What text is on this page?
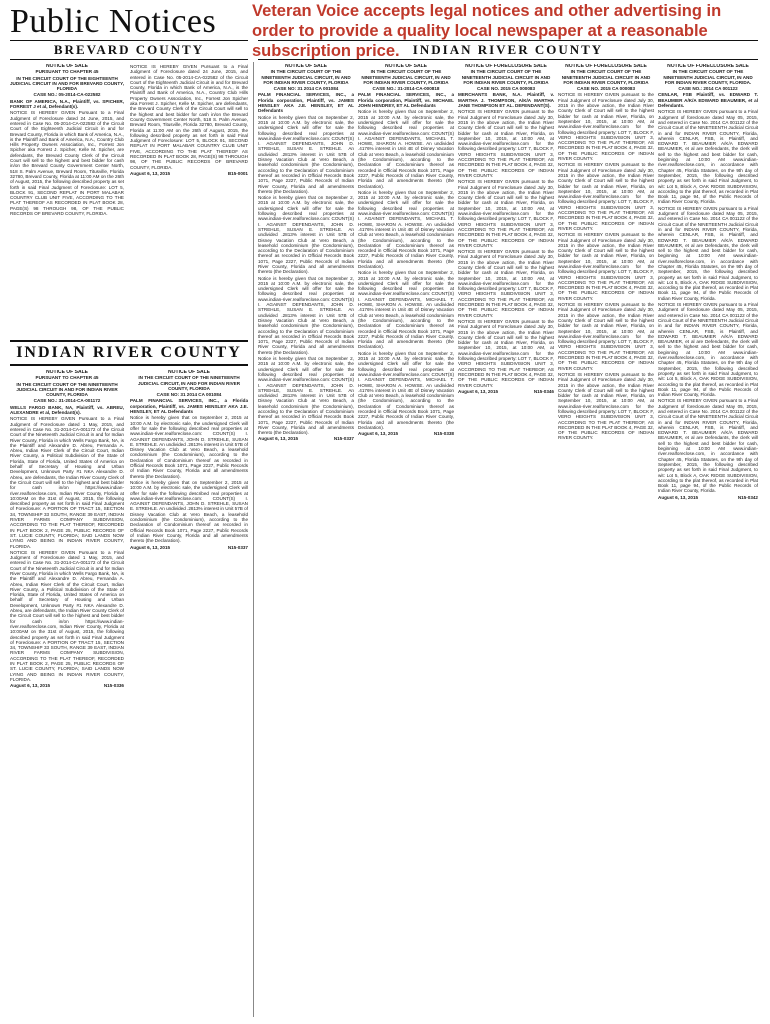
Public Notices Veteran Voice accepts legal notices and other advertising in order to provide a quality local newspaper at a reasonable subscription price.
BREVARD COUNTY	INDIAN RIVER COUNTY
INDIAN RIVER COUNTY
NOTICE OF SALE

PURSUANT TO CHAPTER 45

IN THE CIRCUIT COURT OF THE EIGHTEENTH JUDICIAL CIRCUIT IN AND FOR BREVARD COUNTY, FLORIDA

CASE NO.: 05-2014-CA-022582

BANK OF AMERICA, N.A., Plaintiff, vs. SPICHER, FORREST J et al, Defendant(s).

NOTICE IS HEREBY GIVEN Pursuant to a Final Judgment of Foreclosure dated 24 June, 2015, and entered in Case No. 05-2014-CA-022582 of the Circuit Court of the Eighteenth Judicial Circuit in and for Brevard County, Florida in which Bank of America, N.A., is the Plaintiff and Bank of America, N.A., Country Club Hills Property Owners Association, Inc., Forrest Jon Spicher aka Forrest J. Spicher, Kelle M. Spicher, are defendants, the Brevard County Clerk of the Circuit Court will sell to the highest and best bidder for cash in/on the Brevard County Government Center North, 518 S. Palm Avenue, Brevard Room, Titusville, Florida 32780, Brevard County, Florida at 11:00 AM on the 26th of August, 2015, the following described property as set forth in said Final Judgment of Foreclosure: LOT 5, BLOCK 91, SECOND REPLAT IN PORT MALABAR COUNTRY CLUB UNIT FIVE, ACCORDING TO THE PLAT THEREOF AS RECORDED IN PLAT BOOK 28, PAGE(S) 98 THROUGH 98, OF THE PUBLIC RECORDS OF BREVARD COUNTY, FLORIDA.

NOTICE IS HEREBY GIVEN Pursuant to a Final Judgment of Foreclosure dated 24 June, 2015, and entered in Case No. 05-2014-CA-022582 of the Circuit Court of the Eighteenth Judicial Circuit in and for Brevard County, Florida in which Bank of America, N.A., is the Plaintiff and Bank of America, N.A., Country Club Hills Property Owners Association, Inc., Forrest Jon Spicher aka Forrest J. Spicher, Kelle M. Spicher, are defendants, the Brevard County Clerk of the Circuit Court will sell to the highest and best bidder for cash in/on the Brevard County Government Center North, 518 S. Palm Avenue, Brevard Room, Titusville, Florida 32780, Brevard County, Florida at 11:00 AM on the 26th of August, 2015, the following described property as set forth in said Final Judgment of Foreclosure: LOT 5, BLOCK 91, SECOND REPLAT IN PORT MALABAR COUNTRY CLUB UNIT FIVE, ACCORDING TO THE PLAT THEREOF AS RECORDED IN PLAT BOOK 28, PAGE(S) 98 THROUGH 98, OF THE PUBLIC RECORDS OF BREVARD COUNTY, FLORIDA.

August 6, 13, 2015	B15-0001
NOTICE OF SALE

PURSUANT TO CHAPTER 45

IN THE CIRCUIT COURT OF THE NINETEENTH JUDICIAL CIRCUIT IN AND FOR INDIAN RIVER COUNTY, FLORIDA

CASE NO.: 31-2014-CA-001172

WELLS FARGO BANK, NA, Plaintiff, vs. ABREU, ALEXANDRE et al, Defendant(s).

NOTICE IS HEREBY GIVEN Pursuant to a Final Judgment of Foreclosure dated 1 May, 2015, and entered in Case No. 31-2014-CA-001172 of the Circuit Court of the Nineteenth Judicial Circuit in and for Indian River County, Florida in which Wells Fargo Bank, NA, is the Plaintiff and Alexandre D. Abreu, Fernanda A. Abreu, Indian River Clerk of the Circuit Court, Indian River County, a Political Subdivision of the State of Florida, State of Florida, United States of America on behalf of Secretary of Housing and Urban Development, Unknown Party #1 NKA Alexandre D. Abreu, are defendants, the Indian River County Clerk of the Circuit Court will sell to the highest and best bidder for cash in/on https://www.indian-river.realforeclose.com, Indian River County, Florida at 10:00AM on the 31st of August, 2015, the following described property as set forth in said Final Judgment of Foreclosure: A PORTION OF TRACT 15, SECTION 34, TOWNSHIP 33 SOUTH, RANGE 39 EAST, INDIAN RIVER FARMS COMPANY SUBDIVISION, ACCORDING TO THE PLAT THEREOF, RECORDED IN PLAT BOOK 2, PAGE 25, PUBLIC RECORDS OF ST. LUCIE COUNTY, FLORIDA; SAID LANDS NOW LYING AND BEING IN INDIAN RIVER COUNTY, FLORIDA.

NOTICE IS HEREBY GIVEN Pursuant to a Final Judgment of Foreclosure dated 1 May, 2015, and entered in Case No. 31-2014-CA-001172 of the Circuit Court of the Nineteenth Judicial Circuit in and for Indian River County, Florida in which Wells Fargo Bank, NA, is the Plaintiff and Alexandre D. Abreu, Fernanda A. Abreu, Indian River Clerk of the Circuit Court, Indian River County, a Political Subdivision of the State of Florida, State of Florida, United States of America on behalf of Secretary of Housing and Urban Development, Unknown Party #1 NKA Alexandre D. Abreu, are defendants, the Indian River County Clerk of the Circuit Court will sell to the highest and best bidder for cash in/on https://www.indian-river.realforeclose.com, Indian River County, Florida at 10:00AM on the 31st of August, 2015, the following described property as set forth in said Final Judgment of Foreclosure: A PORTION OF TRACT 15, SECTION 34, TOWNSHIP 33 SOUTH, RANGE 39 EAST, INDIAN RIVER FARMS COMPANY SUBDIVISION, ACCORDING TO THE PLAT THEREOF, RECORDED IN PLAT BOOK 2, PAGE 25, PUBLIC RECORDS OF ST. LUCIE COUNTY, FLORIDA; SAID LANDS NOW LYING AND BEING IN INDIAN RIVER COUNTY, FLORIDA.

August 6, 13, 2015	N15-0336
NOTICE OF SALE

IN THE CIRCUIT COURT OF THE NINETEENTH JUDICIAL CIRCUIT, IN AND FOR INDIAN RIVER COUNTY, FLORIDA

CASE NO: 31 2014 CA 001084

PALM FINANCIAL SERVICES, INC., a Florida corporation, Plaintiff, vs. JAMES HENSLEY AKA J.E. HENSLEY, ET AL Defendants

Notice is hereby given that on September 2, 2015 at 10:00 A.M. by electronic sale, the undersigned Clerk will offer for sale the following described real properties at www.indian-river.realforeclose.com: COUNT(S) I. AGAINST DEFENDANTS, JOHN D. STREHLE, SUSAN E. STREHLE. An undivided .2813% interest in Unit 57B of Disney Vacation Club at Vero Beach, a leasehold condominium (the Condominium), according to the Declaration of Condominium thereof as recorded in Official Records Book 1071, Page 2227, Public Records of Indian River County, Florida and all amendments thereto (the Declaration).

Notice is hereby given that on September 2, 2015 at 10:00 A.M. by electronic sale, the undersigned Clerk will offer for sale the following described real properties at www.indian-river.realforeclose.com: COUNT(S) I. AGAINST DEFENDANTS, JOHN D. STREHLE, SUSAN E. STREHLE. An undivided .2813% interest in Unit 57B of Disney Vacation Club at Vero Beach, a leasehold condominium (the Condominium), according to the Declaration of Condominium thereof as recorded in Official Records Book 1071, Page 2227, Public Records of Indian River County, Florida and all amendments thereto (the Declaration).

August 6, 13, 2015	N15-0337
NOTICE OF SALE

IN THE CIRCUIT COURT OF THE NINETEENTH JUDICIAL CIRCUIT, IN AND FOR INDIAN RIVER COUNTY, FLORIDA

CASE NO: 31 2014 CA 001084

PALM FINANCIAL SERVICES, INC., a Florida corporation, Plaintiff, vs. JAMES HENSLEY AKA J.E. HENSLEY, ET AL Defendants

Notice is hereby given that on September 2, 2015 at 10:00 A.M. by electronic sale, the undersigned Clerk will offer for sale the following described real properties at www.indian-river.realforeclose.com: COUNT(S) I. AGAINST DEFENDANTS, JOHN D. STREHLE, SUSAN E. STREHLE. An undivided .2813% interest in Unit 57B of Disney Vacation Club at Vero Beach, a leasehold condominium (the Condominium), according to the Declaration of Condominium thereof as recorded in Official Records Book 1071, Page 2227, Public Records of Indian River County, Florida and all amendments thereto (the Declaration).

Notice is hereby given that on September 2, 2015 at 10:00 A.M. by electronic sale, the undersigned Clerk will offer for sale the following described real properties at www.indian-river.realforeclose.com: COUNT(S) I. AGAINST DEFENDANTS, JOHN D. STREHLE, SUSAN E. STREHLE. An undivided .2813% interest in Unit 57B of Disney Vacation Club at Vero Beach, a leasehold condominium (the Condominium), according to the Declaration of Condominium thereof as recorded in Official Records Book 1071, Page 2227, Public Records of Indian River County, Florida and all amendments thereto (the Declaration).

Notice is hereby given that on September 2, 2015 at 10:00 A.M. by electronic sale, the undersigned Clerk will offer for sale the following described real properties at www.indian-river.realforeclose.com: COUNT(S) I. AGAINST DEFENDANTS, JOHN D. STREHLE, SUSAN E. STREHLE. An undivided .2813% interest in Unit 57B of Disney Vacation Club at Vero Beach, a leasehold condominium (the Condominium), according to the Declaration of Condominium thereof as recorded in Official Records Book 1071, Page 2227, Public Records of Indian River County, Florida and all amendments thereto (the Declaration).

Notice is hereby given that on September 2, 2015 at 10:00 A.M. by electronic sale, the undersigned Clerk will offer for sale the following described real properties at www.indian-river.realforeclose.com: COUNT(S) I. AGAINST DEFENDANTS, JOHN D. STREHLE, SUSAN E. STREHLE. An undivided .2813% interest in Unit 57B of Disney Vacation Club at Vero Beach, a leasehold condominium (the Condominium), according to the Declaration of Condominium thereof as recorded in Official Records Book 1071, Page 2227, Public Records of Indian River County, Florida and all amendments thereto (the Declaration).

August 6, 13, 2015	N15-0337
NOTICE OF SALE

IN THE CIRCUIT COURT OF THE NINETEENTH JUDICIAL CIRCUIT, IN AND FOR INDIAN RIVER COUNTY, FLORIDA

CASE NO.: 31-2014-CA-000818

PALM FINANCIAL SERVICES, INC., a Florida corporation, Plaintiff, vs. MICHAEL JOHN HENDREY, ET AL Defendants

Notice is hereby given that on September 2, 2015 at 10:00 A.M. by electronic sale, the undersigned Clerk will offer for sale the following described real properties at www.indian-river.realforeclose.com: COUNT(S) I. AGAINST DEFENDANTS, MICHAEL T. HOWE, SHARON A. HOWSE. An undivided .4176% interest in Unit 4E of Disney Vacation Club at Vero Beach, a leasehold condominium (the Condominium), according to the Declaration of Condominium thereof as recorded in Official Records Book 1071, Page 2227, Public Records of Indian River County, Florida and all amendments thereto (the Declaration).

Notice is hereby given that on September 2, 2015 at 10:00 A.M. by electronic sale, the undersigned Clerk will offer for sale the following described real properties at www.indian-river.realforeclose.com: COUNT(S) I. AGAINST DEFENDANTS, MICHAEL T. HOWE, SHARON A. HOWSE. An undivided .4176% interest in Unit 4E of Disney Vacation Club at Vero Beach, a leasehold condominium (the Condominium), according to the Declaration of Condominium thereof as recorded in Official Records Book 1071, Page 2227, Public Records of Indian River County, Florida and all amendments thereto (the Declaration).

Notice is hereby given that on September 2, 2015 at 10:00 A.M. by electronic sale, the undersigned Clerk will offer for sale the following described real properties at www.indian-river.realforeclose.com: COUNT(S) I. AGAINST DEFENDANTS, MICHAEL T. HOWE, SHARON A. HOWSE. An undivided .4176% interest in Unit 4E of Disney Vacation Club at Vero Beach, a leasehold condominium (the Condominium), according to the Declaration of Condominium thereof as recorded in Official Records Book 1071, Page 2227, Public Records of Indian River County, Florida and all amendments thereto (the Declaration).

Notice is hereby given that on September 2, 2015 at 10:00 A.M. by electronic sale, the undersigned Clerk will offer for sale the following described real properties at www.indian-river.realforeclose.com: COUNT(S) I. AGAINST DEFENDANTS, MICHAEL T. HOWE, SHARON A. HOWSE. An undivided .4176% interest in Unit 4E of Disney Vacation Club at Vero Beach, a leasehold condominium (the Condominium), according to the Declaration of Condominium thereof as recorded in Official Records Book 1071, Page 2227, Public Records of Indian River County, Florida and all amendments thereto (the Declaration).

August 6, 13, 2015	N15-0338
NOTICE OF FORECLOSURE SALE

IN THE CIRCUIT COURT OF THE NINETEENTH JUDICIAL CIRCUIT IN AND FOR INDIAN RIVER COUNTY, FLORIDA

CASE NO. 2015 CA 000083

MERCHANTS BANK, N.A. Plaintiff, v. MARTHA J. THOMPSON, A/K/A MARTHA JANE THOMPSON ET AL. DEFENDANT(S).

NOTICE IS HEREBY GIVEN pursuant to the Final Judgment of Foreclosure dated July 30, 2015 in the above action, the Indian River County Clerk of Court will sell to the highest bidder for cash at Indian River, Florida, on September 10, 2015, at 10:00 AM, at www.indian-river.realforeclose.com for the following described property: LOT 7, BLOCK F, VERO HEIGHTS SUBDIVISION UNIT 3, ACCORDING TO THE PLAT THEREOF, AS RECORDED IN THE PLAT BOOK 4, PAGE 32, OF THE PUBLIC RECORDS OF INDIAN RIVER COUNTY.

NOTICE IS HEREBY GIVEN pursuant to the Final Judgment of Foreclosure dated July 30, 2015 in the above action, the Indian River County Clerk of Court will sell to the highest bidder for cash at Indian River, Florida, on September 10, 2015, at 10:00 AM, at www.indian-river.realforeclose.com for the following described property: LOT 7, BLOCK F, VERO HEIGHTS SUBDIVISION UNIT 3, ACCORDING TO THE PLAT THEREOF, AS RECORDED IN THE PLAT BOOK 4, PAGE 32, OF THE PUBLIC RECORDS OF INDIAN RIVER COUNTY.

NOTICE IS HEREBY GIVEN pursuant to the Final Judgment of Foreclosure dated July 30, 2015 in the above action, the Indian River County Clerk of Court will sell to the highest bidder for cash at Indian River, Florida, on September 10, 2015, at 10:00 AM, at www.indian-river.realforeclose.com for the following described property: LOT 7, BLOCK F, VERO HEIGHTS SUBDIVISION UNIT 3, ACCORDING TO THE PLAT THEREOF, AS RECORDED IN THE PLAT BOOK 4, PAGE 32, OF THE PUBLIC RECORDS OF INDIAN RIVER COUNTY.

NOTICE IS HEREBY GIVEN pursuant to the Final Judgment of Foreclosure dated July 30, 2015 in the above action, the Indian River County Clerk of Court will sell to the highest bidder for cash at Indian River, Florida, on September 10, 2015, at 10:00 AM, at www.indian-river.realforeclose.com for the following described property: LOT 7, BLOCK F, VERO HEIGHTS SUBDIVISION UNIT 3, ACCORDING TO THE PLAT THEREOF, AS RECORDED IN THE PLAT BOOK 4, PAGE 32, OF THE PUBLIC RECORDS OF INDIAN RIVER COUNTY.

August 6, 13, 2015	N15-0346
NOTICE OF FORECLOSURE SALE

IN THE CIRCUIT COURT OF THE NINETEENTH JUDICIAL CIRCUIT IN AND FOR INDIAN RIVER COUNTY, FLORIDA

CASE NO. 2015 CA 000083

NOTICE IS HEREBY GIVEN pursuant to the Final Judgment of Foreclosure dated July 30, 2015 in the above action, the Indian River County Clerk of Court will sell to the highest bidder for cash at Indian River, Florida, on September 10, 2015, at 10:00 AM, at www.indian-river.realforeclose.com for the following described property: LOT 7, BLOCK F, VERO HEIGHTS SUBDIVISION UNIT 3, ACCORDING TO THE PLAT THEREOF, AS RECORDED IN THE PLAT BOOK 4, PAGE 32, OF THE PUBLIC RECORDS OF INDIAN RIVER COUNTY.

NOTICE IS HEREBY GIVEN pursuant to the Final Judgment of Foreclosure dated July 30, 2015 in the above action, the Indian River County Clerk of Court will sell to the highest bidder for cash at Indian River, Florida, on September 10, 2015, at 10:00 AM, at www.indian-river.realforeclose.com for the following described property: LOT 7, BLOCK F, VERO HEIGHTS SUBDIVISION UNIT 3, ACCORDING TO THE PLAT THEREOF, AS RECORDED IN THE PLAT BOOK 4, PAGE 32, OF THE PUBLIC RECORDS OF INDIAN RIVER COUNTY.

NOTICE IS HEREBY GIVEN pursuant to the Final Judgment of Foreclosure dated July 30, 2015 in the above action, the Indian River County Clerk of Court will sell to the highest bidder for cash at Indian River, Florida, on September 10, 2015, at 10:00 AM, at www.indian-river.realforeclose.com for the following described property: LOT 7, BLOCK F, VERO HEIGHTS SUBDIVISION UNIT 3, ACCORDING TO THE PLAT THEREOF, AS RECORDED IN THE PLAT BOOK 4, PAGE 32, OF THE PUBLIC RECORDS OF INDIAN RIVER COUNTY.

NOTICE IS HEREBY GIVEN pursuant to the Final Judgment of Foreclosure dated July 30, 2015 in the above action, the Indian River County Clerk of Court will sell to the highest bidder for cash at Indian River, Florida, on September 10, 2015, at 10:00 AM, at www.indian-river.realforeclose.com for the following described property: LOT 7, BLOCK F, VERO HEIGHTS SUBDIVISION UNIT 3, ACCORDING TO THE PLAT THEREOF, AS RECORDED IN THE PLAT BOOK 4, PAGE 32, OF THE PUBLIC RECORDS OF INDIAN RIVER COUNTY.

NOTICE IS HEREBY GIVEN pursuant to the Final Judgment of Foreclosure dated July 30, 2015 in the above action, the Indian River County Clerk of Court will sell to the highest bidder for cash at Indian River, Florida, on September 10, 2015, at 10:00 AM, at www.indian-river.realforeclose.com for the following described property: LOT 7, BLOCK F, VERO HEIGHTS SUBDIVISION UNIT 3, ACCORDING TO THE PLAT THEREOF, AS RECORDED IN THE PLAT BOOK 4, PAGE 32, OF THE PUBLIC RECORDS OF INDIAN RIVER COUNTY.

NOTICE OF FORECLOSURE SALE

IN THE CIRCUIT COURT OF THE NINETEENTH JUDICIAL CIRCUIT, IN AND FOR INDIAN RIVER COUNTY, FLORIDA.

CASE NO.: 2014 CA 001122

CENLAR, FSB Plaintiff, vs. EDWARD T. BEAUMIER A/K/A EDWARD BEAUMIER, et al Defendants.

NOTICE IS HEREBY GIVEN pursuant to a Final Judgment of foreclosure dated May 05, 2015, and entered in Case No. 2014 CA 001122 of the Circuit Court of the NINETEENTH Judicial Circuit in and for INDIAN RIVER COUNTY, Florida, wherein CENLAR, FSB, is Plaintiff, and EDWARD T. BEAUMIER A/K/A EDWARD BEAUMIER, et al are Defendants, the clerk will sell to the highest and best bidder for cash, beginning at 10:00 AM www.indian-river.realforeclose.com, in accordance with Chapter 45, Florida Statutes, on the 9th day of September, 2015, the following described property as set forth in said Final Judgment, to wit: Lot 5, Block A, OAK RIDGE SUBDIVISION, according to the plat thereof, as recorded in Plat Book 11, page 94, of the Public Records of Indian River County, Florida.

NOTICE IS HEREBY GIVEN pursuant to a Final Judgment of foreclosure dated May 05, 2015, and entered in Case No. 2014 CA 001122 of the Circuit Court of the NINETEENTH Judicial Circuit in and for INDIAN RIVER COUNTY, Florida, wherein CENLAR, FSB, is Plaintiff, and EDWARD T. BEAUMIER A/K/A EDWARD BEAUMIER, et al are Defendants, the clerk will sell to the highest and best bidder for cash, beginning at 10:00 AM www.indian-river.realforeclose.com, in accordance with Chapter 45, Florida Statutes, on the 9th day of September, 2015, the following described property as set forth in said Final Judgment, to wit: Lot 5, Block A, OAK RIDGE SUBDIVISION, according to the plat thereof, as recorded in Plat Book 11, page 94, of the Public Records of Indian River County, Florida.

NOTICE IS HEREBY GIVEN pursuant to a Final Judgment of foreclosure dated May 05, 2015, and entered in Case No. 2014 CA 001122 of the Circuit Court of the NINETEENTH Judicial Circuit in and for INDIAN RIVER COUNTY, Florida, wherein CENLAR, FSB, is Plaintiff, and EDWARD T. BEAUMIER A/K/A EDWARD BEAUMIER, et al are Defendants, the clerk will sell to the highest and best bidder for cash, beginning at 10:00 AM www.indian-river.realforeclose.com, in accordance with Chapter 45, Florida Statutes, on the 9th day of September, 2015, the following described property as set forth in said Final Judgment, to wit: Lot 5, Block A, OAK RIDGE SUBDIVISION, according to the plat thereof, as recorded in Plat Book 11, page 94, of the Public Records of Indian River County, Florida.

NOTICE IS HEREBY GIVEN pursuant to a Final Judgment of foreclosure dated May 05, 2015, and entered in Case No. 2014 CA 001122 of the Circuit Court of the NINETEENTH Judicial Circuit in and for INDIAN RIVER COUNTY, Florida, wherein CENLAR, FSB, is Plaintiff, and EDWARD T. BEAUMIER A/K/A EDWARD BEAUMIER, et al are Defendants, the clerk will sell to the highest and best bidder for cash, beginning at 10:00 AM www.indian-river.realforeclose.com, in accordance with Chapter 45, Florida Statutes, on the 9th day of September, 2015, the following described property as set forth in said Final Judgment, to wit: Lot 5, Block A, OAK RIDGE SUBDIVISION, according to the plat thereof, as recorded in Plat Book 11, page 94, of the Public Records of Indian River County, Florida.

August 6, 13, 2015	N15-0342
